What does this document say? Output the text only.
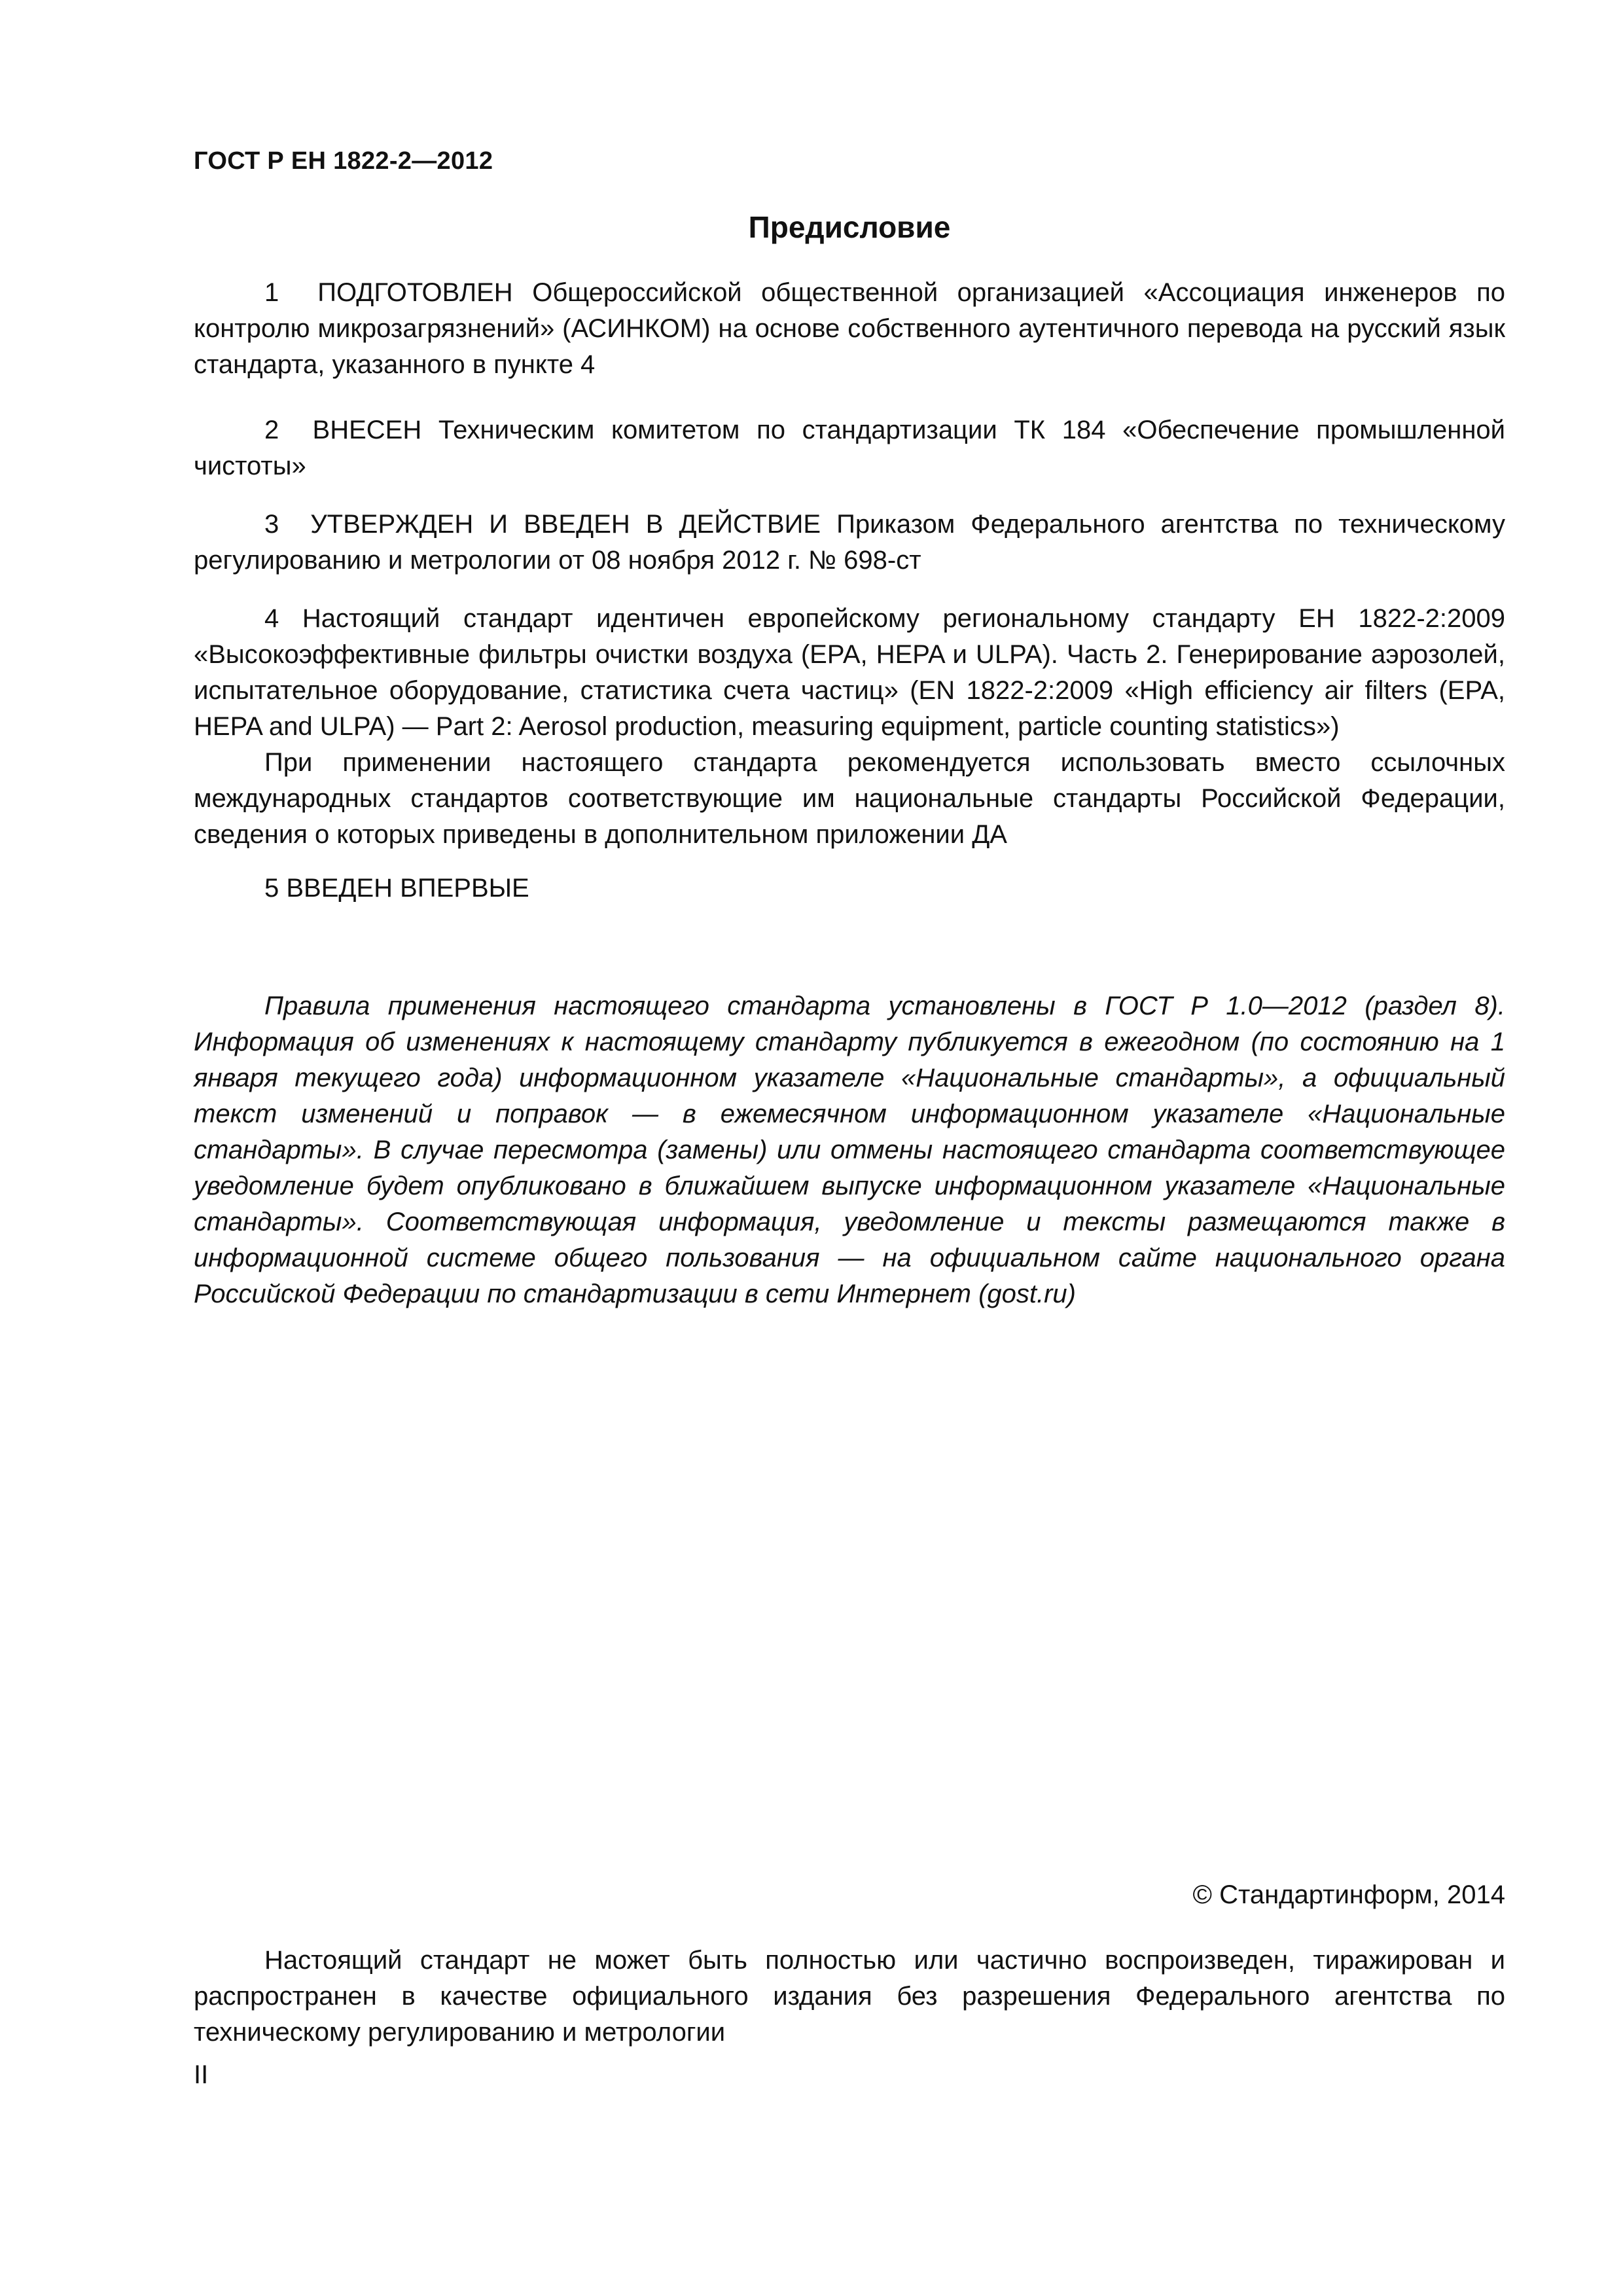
ГОСТ Р ЕН 1822-2—2012
Предисловие

1  ПОДГОТОВЛЕН Общероссийской общественной организацией «Ассоциация инженеров по контролю микрозагрязнений» (АСИНКОМ) на основе собственного аутентичного перевода на русский язык стандарта, указанного в пункте 4

2  ВНЕСЕН Техническим комитетом по стандартизации ТК 184 «Обеспечение промышленной чистоты»

3  УТВЕРЖДЕН И ВВЕДЕН В ДЕЙСТВИЕ Приказом Федерального агентства по техническому регулированию и метрологии от 08 ноября 2012 г. № 698-ст

4 Настоящий стандарт идентичен европейскому региональному стандарту ЕН 1822-2:2009 «Высокоэффективные фильтры очистки воздуха (ЕРА, HEPA и ULPA). Часть 2. Генерирование аэрозолей, испытательное оборудование, статистика счета частиц» (EN 1822-2:2009 «High efficiency air filters (EPA, HEPA and ULPA) — Part 2: Aerosol production, measuring equipment, particle counting statistics»)

При применении настоящего стандарта рекомендуется использовать вместо ссылочных международных стандартов соответствующие им национальные стандарты Российской Федерации, сведения о которых приведены в дополнительном приложении ДА

5 ВВЕДЕН ВПЕРВЫЕ

Правила применения настоящего стандарта установлены в ГОСТ Р 1.0—2012 (раздел 8). Информация об изменениях к настоящему стандарту публикуется в ежегодном (по состоянию на 1 января текущего года) информационном указателе «Национальные стандарты», а официальный текст изменений и поправок — в ежемесячном информационном указателе «Национальные стандарты». В случае пересмотра (замены) или отмены настоящего стандарта соответствующее уведомление будет опубликовано в ближайшем выпуске информационном указателе «Национальные стандарты». Соответствующая информация, уведомление и тексты размещаются также в информационной системе общего пользования — на официальном сайте национального органа Российской Федерации по стандартизации в сети Интернет (gost.ru)

© Стандартинформ, 2014

Настоящий стандарт не может быть полностью или частично воспроизведен, тиражирован и распространен в качестве официального издания без разрешения Федерального агентства по техническому регулированию и метрологии

II
